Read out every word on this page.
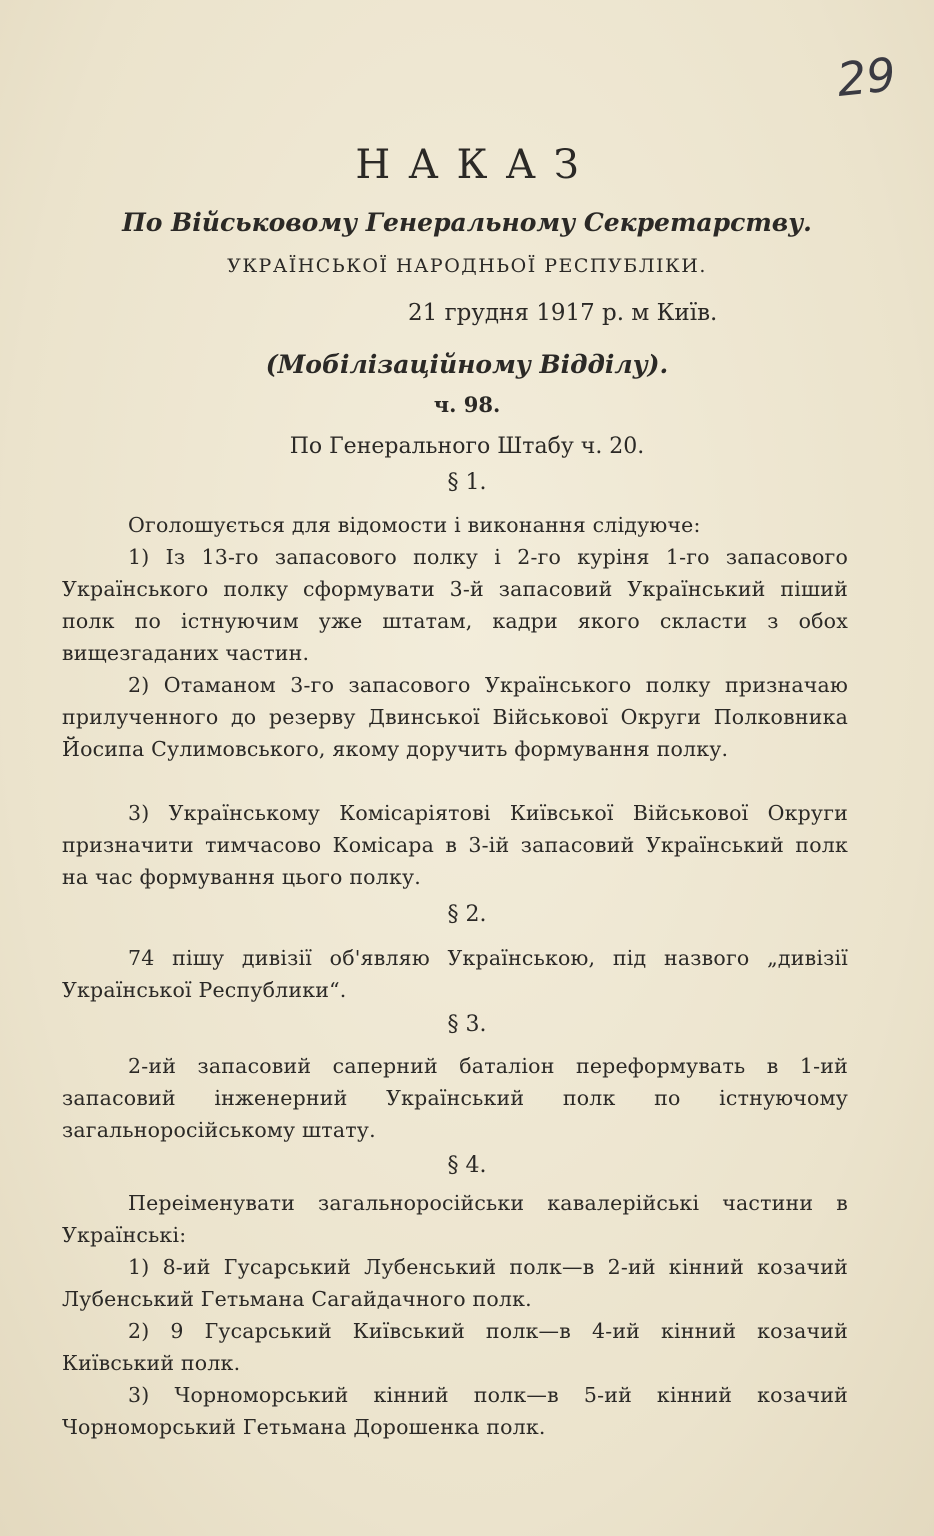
29
НАКАЗ
По Військовому Генеральному Секретарству.
УКРАЇНСЬКОЇ НАРОДНЬОЇ РЕСПУБЛІКИ.
21 грудня 1917 р. м Київ.
(Мобілізаційному Відділу).
ч. 98.
По Генерального Штабу ч. 20.
§ 1.
Оголошується для відомости і виконання слідуюче:
1) Із 13-го запасового полку і 2-го куріня 1-го запасового Українського полку сформувати 3-й запасовий Український піший полк по істнуючим уже штатам, кадри якого скласти з обох вищезгаданих частин.
2) Отаманом 3-го запасового Українського полку призначаю прилученного до резерву Двинської Військової Округи Полковника Йосипа Сулимовського, якому доручить формування полку.
3) Українському Комісаріятові Київської Військової Округи призначити тимчасово Комісара в 3-ій запасовий Український полк на час формування цього полку.
§ 2.
74 пішу дивізії об'являю Українською, під назвого „дивізії Української Республики“.
§ 3.
2-ий запасовий саперний баталіон переформувать в 1-ий запасовий інженерний Український полк по істнуючому загальноросійському штату.
§ 4.
Переіменувати загальноросійськи кавалерійські частини в Українські:
1) 8-ий Гусарський Лубенський полк—в 2-ий кінний козачий Лубенський Гетьмана Сагайдачного полк.
2) 9 Гусарський Київський полк—в 4-ий кінний козачий Київський полк.
3) Чорноморський кінний полк—в 5-ий кінний козачий Чорноморський Гетьмана Дорошенка полк.
